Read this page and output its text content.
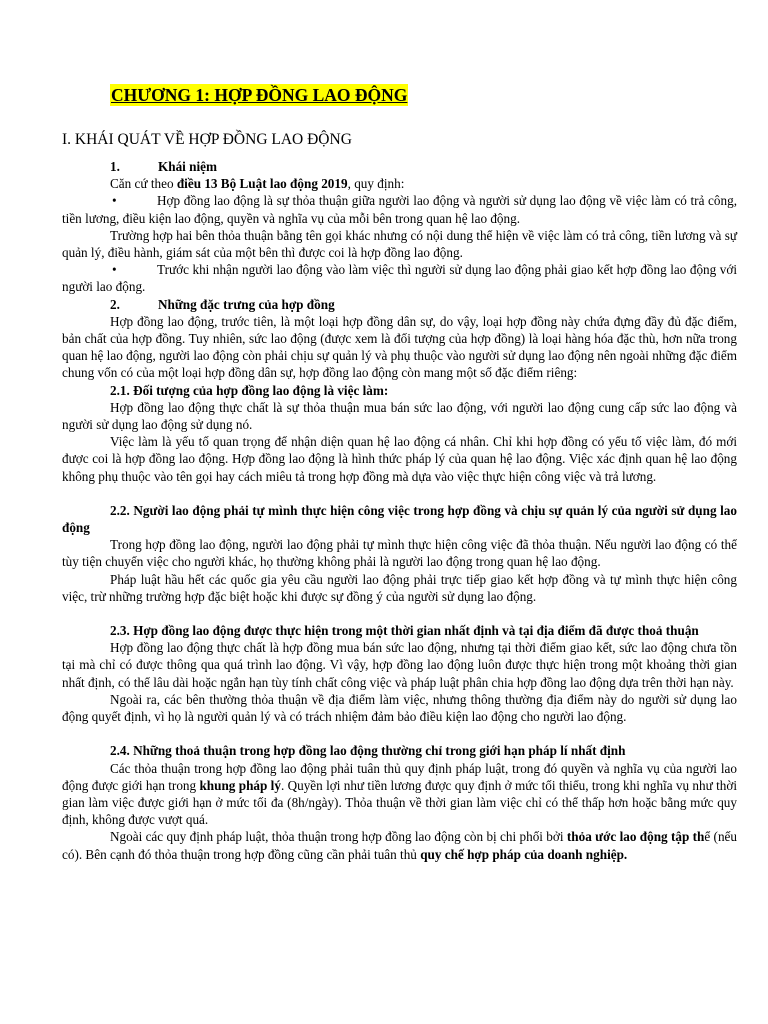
CHƯƠNG 1: HỢP ĐỒNG LAO ĐỘNG
I. KHÁI QUÁT VỀ HỢP ĐỒNG LAO ĐỘNG

1.	Khái niệm

Căn cứ theo điều 13 Bộ Luật lao động 2019, quy định:

•	Hợp đồng lao động là sự thỏa thuận giữa người lao động và người sử dụng lao động về việc làm có trả công, tiền lương, điều kiện lao động, quyền và nghĩa vụ của mỗi bên trong quan hệ lao động.

Trường hợp hai bên thỏa thuận bằng tên gọi khác nhưng có nội dung thể hiện về việc làm có trả công, tiền lương và sự quản lý, điều hành, giám sát của một bên thì được coi là hợp đồng lao động.

•	Trước khi nhận người lao động vào làm việc thì người sử dụng lao động phải giao kết hợp đồng lao động với người lao động.

2.	Những đặc trưng của hợp đồng

Hợp đồng lao động, trước tiên, là một loại hợp đồng dân sự, do vậy, loại hợp đồng này chứa đựng đầy đủ đặc điểm, bản chất của hợp đồng. Tuy nhiên, sức lao động (được xem là đối tượng của hợp đồng) là loại hàng hóa đặc thù, hơn nữa trong quan hệ lao động, người lao động còn phải chịu sự quản lý và phụ thuộc vào người sử dụng lao động nên ngoài những đặc điểm chung vốn có của một loại hợp đồng dân sự, hợp đồng lao động còn mang một số đặc điểm riêng:

2.1. Đối tượng của hợp đồng lao động là việc làm:

Hợp đồng lao động thực chất là sự thỏa thuận mua bán sức lao động, với người lao động cung cấp sức lao động và người sử dụng lao động sử dụng nó.

Việc làm là yếu tố quan trọng để nhận diện quan hệ lao động cá nhân. Chỉ khi hợp đồng có yếu tố việc làm, đó mới được coi là hợp đồng lao động. Hợp đồng lao động là hình thức pháp lý của quan hệ lao động. Việc xác định quan hệ lao động không phụ thuộc vào tên gọi hay cách miêu tả trong hợp đồng mà dựa vào việc thực hiện công việc và trả lương.

2.2. Người lao động phải tự mình thực hiện công việc trong hợp đồng và chịu sự quản lý của người sử dụng lao động

Trong hợp đồng lao động, người lao động phải tự mình thực hiện công việc đã thỏa thuận. Nếu người lao động có thể tùy tiện chuyển việc cho người khác, họ thường không phải là người lao động trong quan hệ lao động.

Pháp luật hầu hết các quốc gia yêu cầu người lao động phải trực tiếp giao kết hợp đồng và tự mình thực hiện công việc, trừ những trường hợp đặc biệt hoặc khi được sự đồng ý của người sử dụng lao động.

2.3. Hợp đồng lao động được thực hiện trong một thời gian nhất định và tại địa điểm đã được thoả thuận

Hợp đồng lao động thực chất là hợp đồng mua bán sức lao động, nhưng tại thời điểm giao kết, sức lao động chưa tồn tại mà chỉ có được thông qua quá trình lao động. Vì vậy, hợp đồng lao động luôn được thực hiện trong một khoảng thời gian nhất định, có thể lâu dài hoặc ngắn hạn tùy tính chất công việc và pháp luật phân chia hợp đồng lao động dựa trên thời hạn này.

Ngoài ra, các bên thường thỏa thuận về địa điểm làm việc, nhưng thông thường địa điểm này do người sử dụng lao động quyết định, vì họ là người quản lý và có trách nhiệm đảm bảo điều kiện lao động cho người lao động.

2.4. Những thoả thuận trong hợp đồng lao động thường chỉ trong giới hạn pháp lí nhất định

Các thỏa thuận trong hợp đồng lao động phải tuân thủ quy định pháp luật, trong đó quyền và nghĩa vụ của người lao động được giới hạn trong khung pháp lý. Quyền lợi như tiền lương được quy định ở mức tối thiểu, trong khi nghĩa vụ như thời gian làm việc được giới hạn ở mức tối đa (8h/ngày). Thỏa thuận về thời gian làm việc chỉ có thể thấp hơn hoặc bằng mức quy định, không được vượt quá.

Ngoài các quy định pháp luật, thỏa thuận trong hợp đồng lao động còn bị chi phối bởi thỏa ước lao động tập thể (nếu có). Bên cạnh đó thỏa thuận trong hợp đồng cũng cần phải tuân thủ quy chế hợp pháp của doanh nghiệp.
